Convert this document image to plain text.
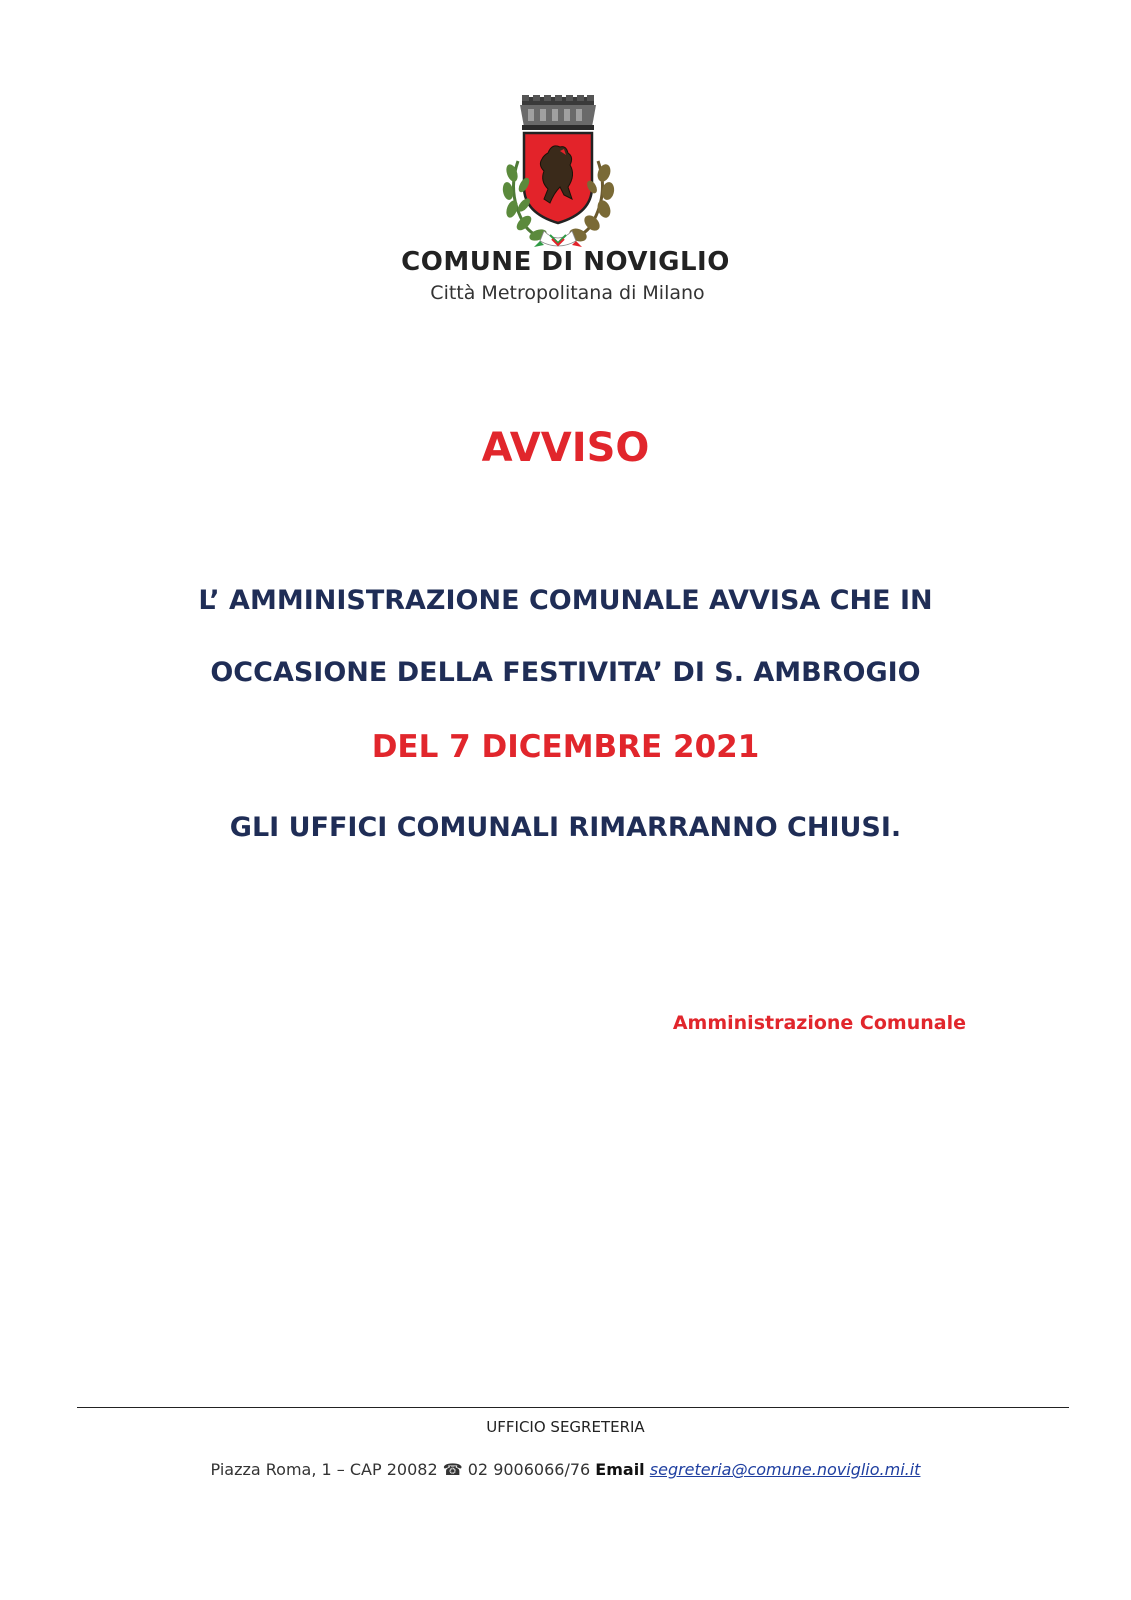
COMUNE DI NOVIGLIO
Città Metropolitana di Milano
AVVISO
L’ AMMINISTRAZIONE COMUNALE AVVISA CHE IN
OCCASIONE DELLA FESTIVITA’ DI S. AMBROGIO
DEL 7 DICEMBRE 2021
GLI UFFICI COMUNALI RIMARRANNO CHIUSI.
Amministrazione Comunale
UFFICIO SEGRETERIA
Piazza Roma, 1 – CAP 20082 ☎ 02 9006066/76 Email segreteria@comune.noviglio.mi.it
